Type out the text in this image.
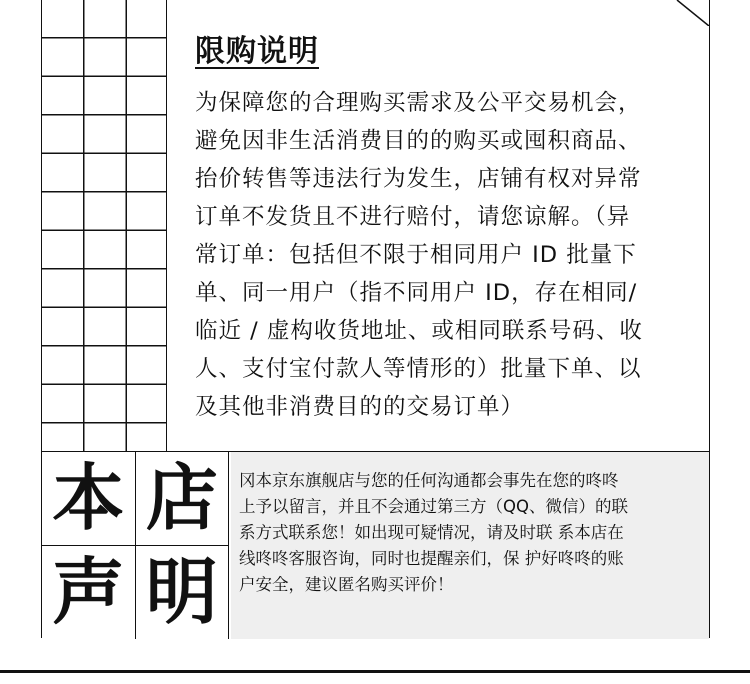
限购说明
为保障您的合理购买需求及公平交易机会，
避免因非生活消费目的的购买或囤积商品、
抬价转售等违法行为发生，店铺有权对异常
订单不发货且不进行赔付，请您谅解。（异
常订单：包括但不限于相同用户 ID 批量下
单、同一用户（指不同用户 ID，存在相同/
临近 / 虚构收货地址、或相同联系号码、收
人、支付宝付款人等情形的）批量下单、以
及其他非消费目的的交易订单）
本 店
声 明
冈本京东旗舰店与您的任何沟通都会事先在您的咚咚
上予以留言，并且不会通过第三方（QQ、微信）的联
系方式联系您！如出现可疑情况，请及时联 系本店在
线咚咚客服咨询，同时也提醒亲们，保 护好咚咚的账
户安全，建议匿名购买评价！
